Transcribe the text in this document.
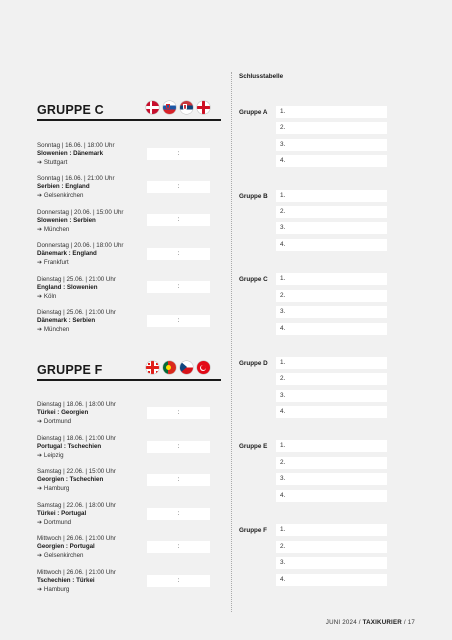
GRUPPE C
Sonntag | 16.06. | 18:00 Uhr
Slowenien : Dänemark
➔ Stuttgart
:
Sonntag | 16.06. | 21:00 Uhr
Serbien : England
➔ Gelsenkirchen
:
Donnerstag | 20.06. | 15:00 Uhr
Slowenien : Serbien
➔ München
:
Donnerstag | 20.06. | 18:00 Uhr
Dänemark : England
➔ Frankfurt
:
Dienstag | 25.06. | 21:00 Uhr
England : Slowenien
➔ Köln
:
Dienstag | 25.06. | 21:00 Uhr
Dänemark : Serbien
➔ München
:
GRUPPE F
Dienstag | 18.06. | 18:00 Uhr
Türkei : Georgien
➔ Dortmund
:
Dienstag | 18.06. | 21:00 Uhr
Portugal : Tschechien
➔ Leipzig
:
Samstag | 22.06. | 15:00 Uhr
Georgien : Tschechien
➔ Hamburg
:
Samstag | 22.06. | 18:00 Uhr
Türkei : Portugal
➔ Dortmund
:
Mittwoch | 26.06. | 21:00 Uhr
Georgien : Portugal
➔ Gelsenkirchen
:
Mittwoch | 26.06. | 21:00 Uhr
Tschechien : Türkei
➔ Hamburg
:
Schlusstabelle
Gruppe A	1.
2.
3.
4.
Gruppe B	1.
2.
3.
4.
Gruppe C	1.
2.
3.
4.
Gruppe D	1.
2.
3.
4.
Gruppe E	1.
2.
3.
4.
Gruppe F	1.
2.
3.
4.
JUNI 2024 / TAXIKURIER / 17
